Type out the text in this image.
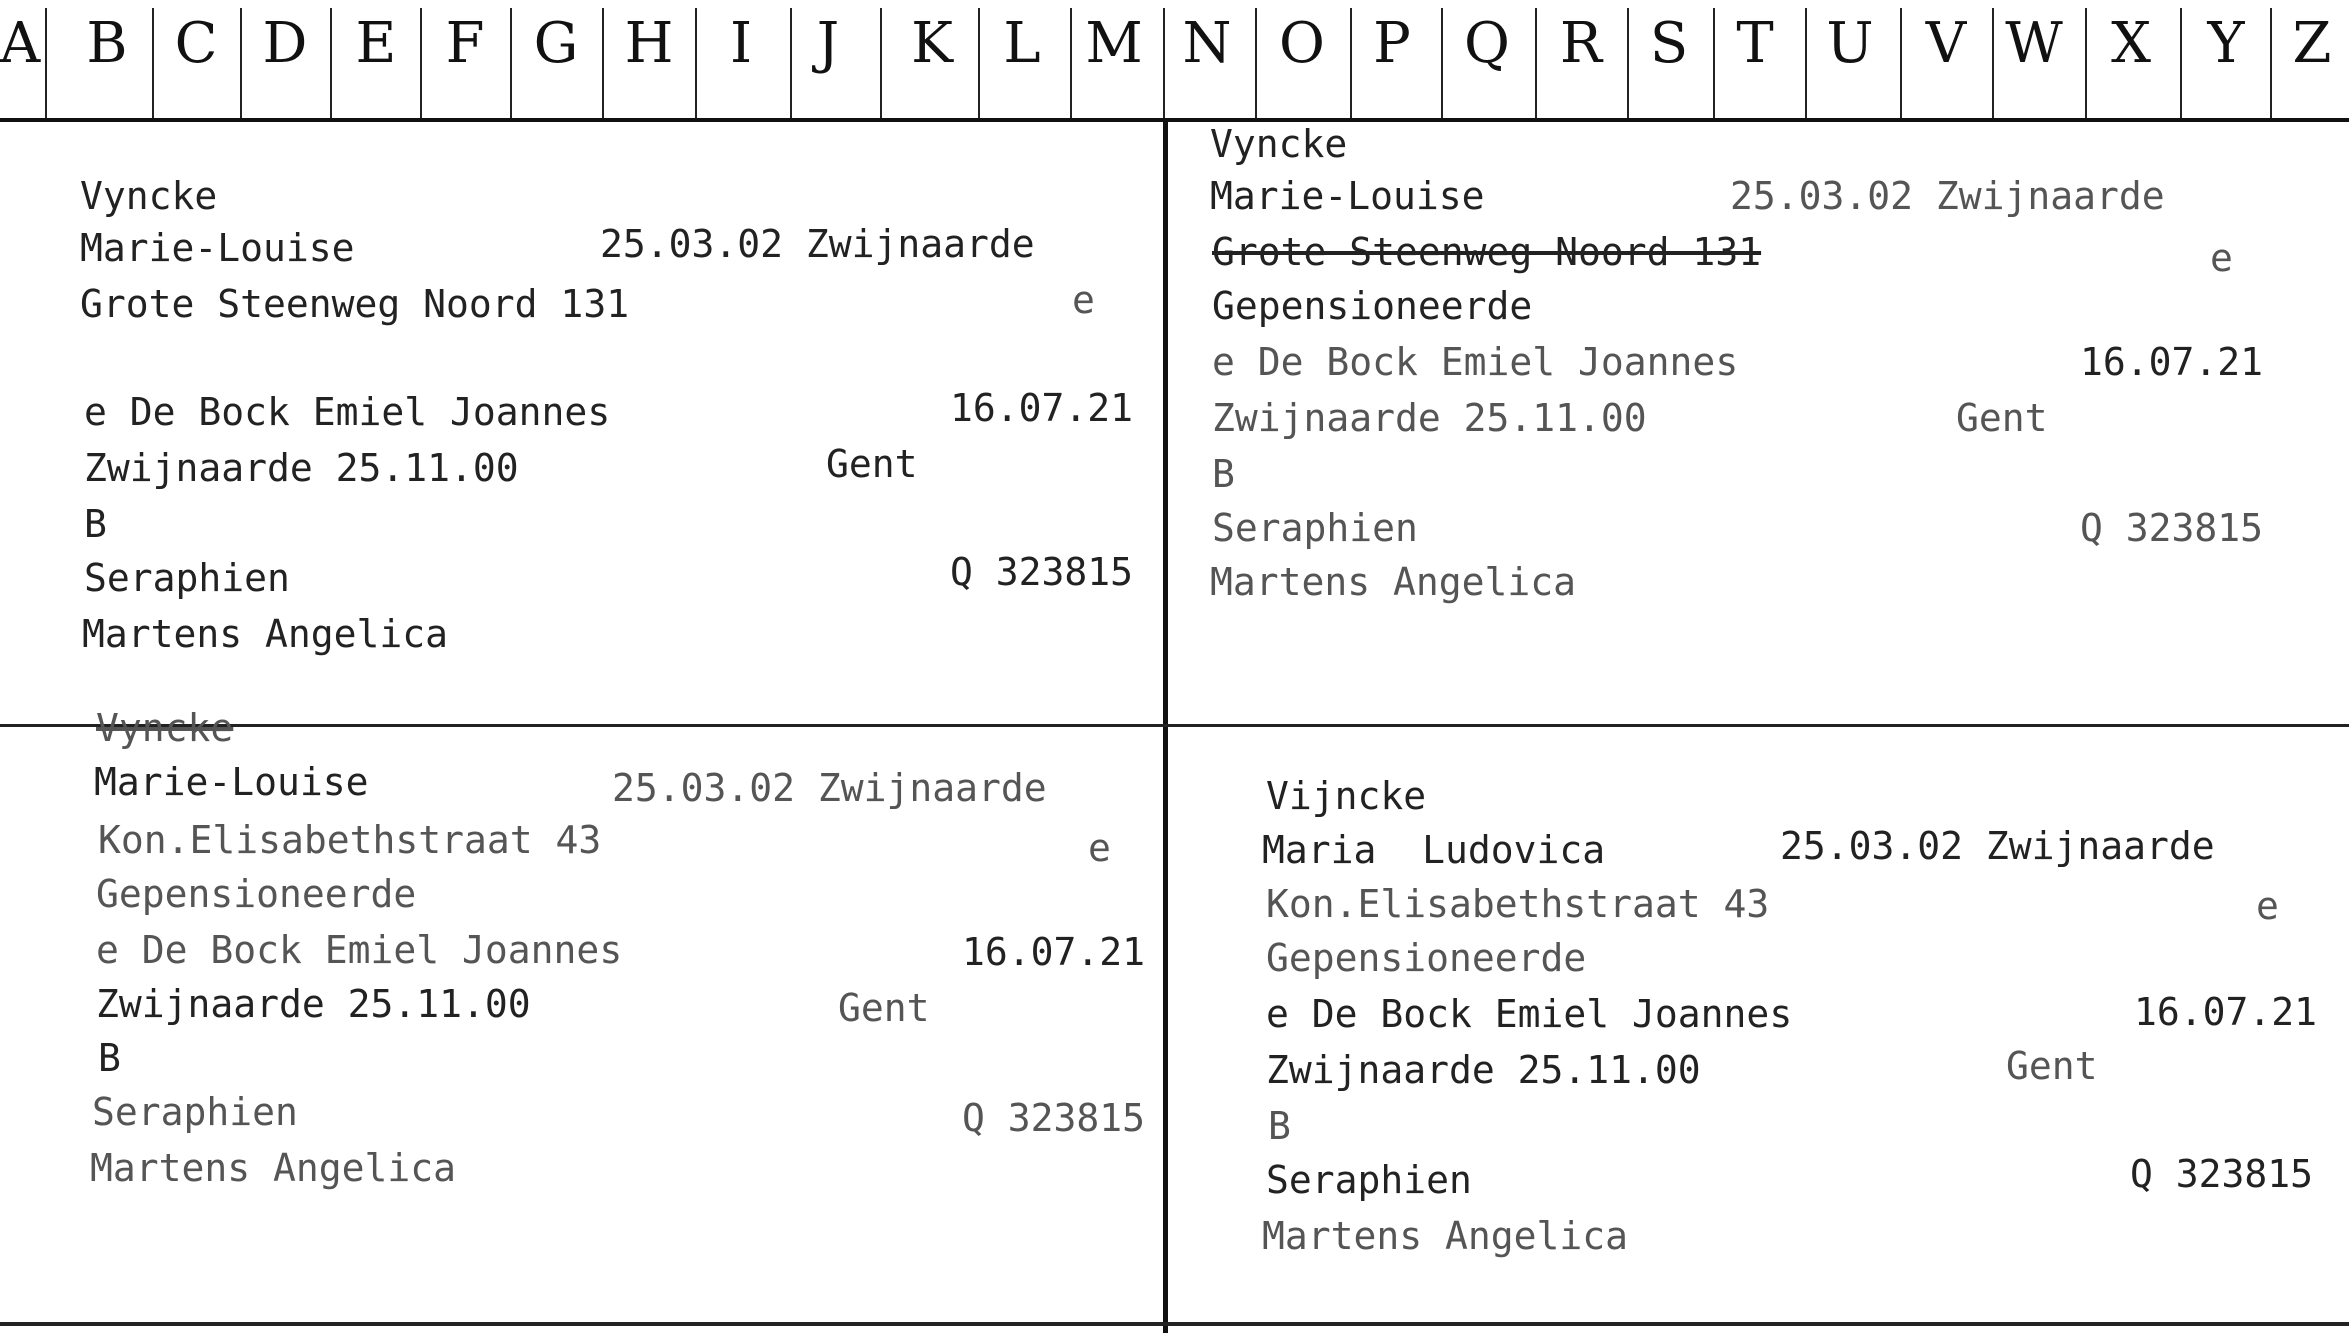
A B C D E F G H	I	J	K L M N O P Q R S T U V W X	Y Z
Vyncke
Marie-Louise	25.03.02 Zwijnaarde
Grote Steenweg Noord 131	e
e De Bock Emiel Joannes	16.07.21
Zwijnaarde 25.11.00	Gent
B
Seraphien	Q 323815
Martens Angelica
Vyncke
Marie-Louise	25.03.02 Zwijnaarde
Grote Steenweg Noord 131	e
Gepensioneerde
e De Bock Emiel Joannes	16.07.21
Zwijnaarde 25.11.00	Gent
B
Seraphien	Q 323815
Martens Angelica
Vyncke
Marie-Louise	25.03.02 Zwijnaarde
Kon.Elisabethstraat 43	e
Gepensioneerde
e De Bock Emiel Joannes	16.07.21
Zwijnaarde 25.11.00	Gent
B
Seraphien	Q 323815
Martens Angelica
Vijncke
Maria  Ludovica	25.03.02 Zwijnaarde
Kon.Elisabethstraat 43	e
Gepensioneerde
e De Bock Emiel Joannes	16.07.21
Zwijnaarde 25.11.00	Gent
B
Seraphien	Q 323815
Martens Angelica
